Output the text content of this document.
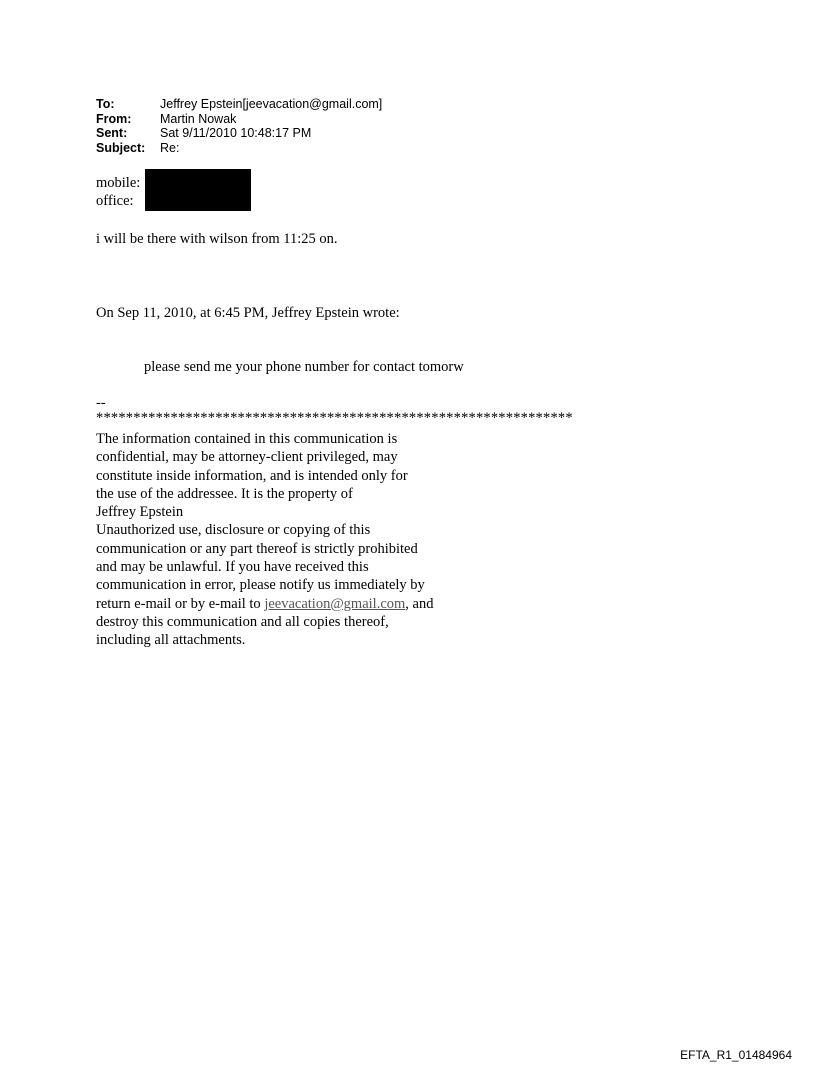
To:	Jeffrey Epstein[jeevacation@gmail.com]
From:	Martin Nowak
Sent:	Sat 9/11/2010 10:48:17 PM
Subject:	Re:
mobile:
office:
i will be there with wilson from 11:25 on.
On Sep 11, 2010, at 6:45 PM, Jeffrey Epstein wrote:
please send me your phone number for contact tomorw
--
****************************************************************
The information contained in this communication is
confidential, may be attorney-client privileged, may
constitute inside information, and is intended only for
the use of the addressee. It is the property of
Jeffrey Epstein
Unauthorized use, disclosure or copying of this
communication or any part thereof is strictly prohibited
and may be unlawful. If you have received this
communication in error, please notify us immediately by
return e-mail or by e-mail to jeevacation@gmail.com, and
destroy this communication and all copies thereof,
including all attachments.
EFTA_R1_01484964
